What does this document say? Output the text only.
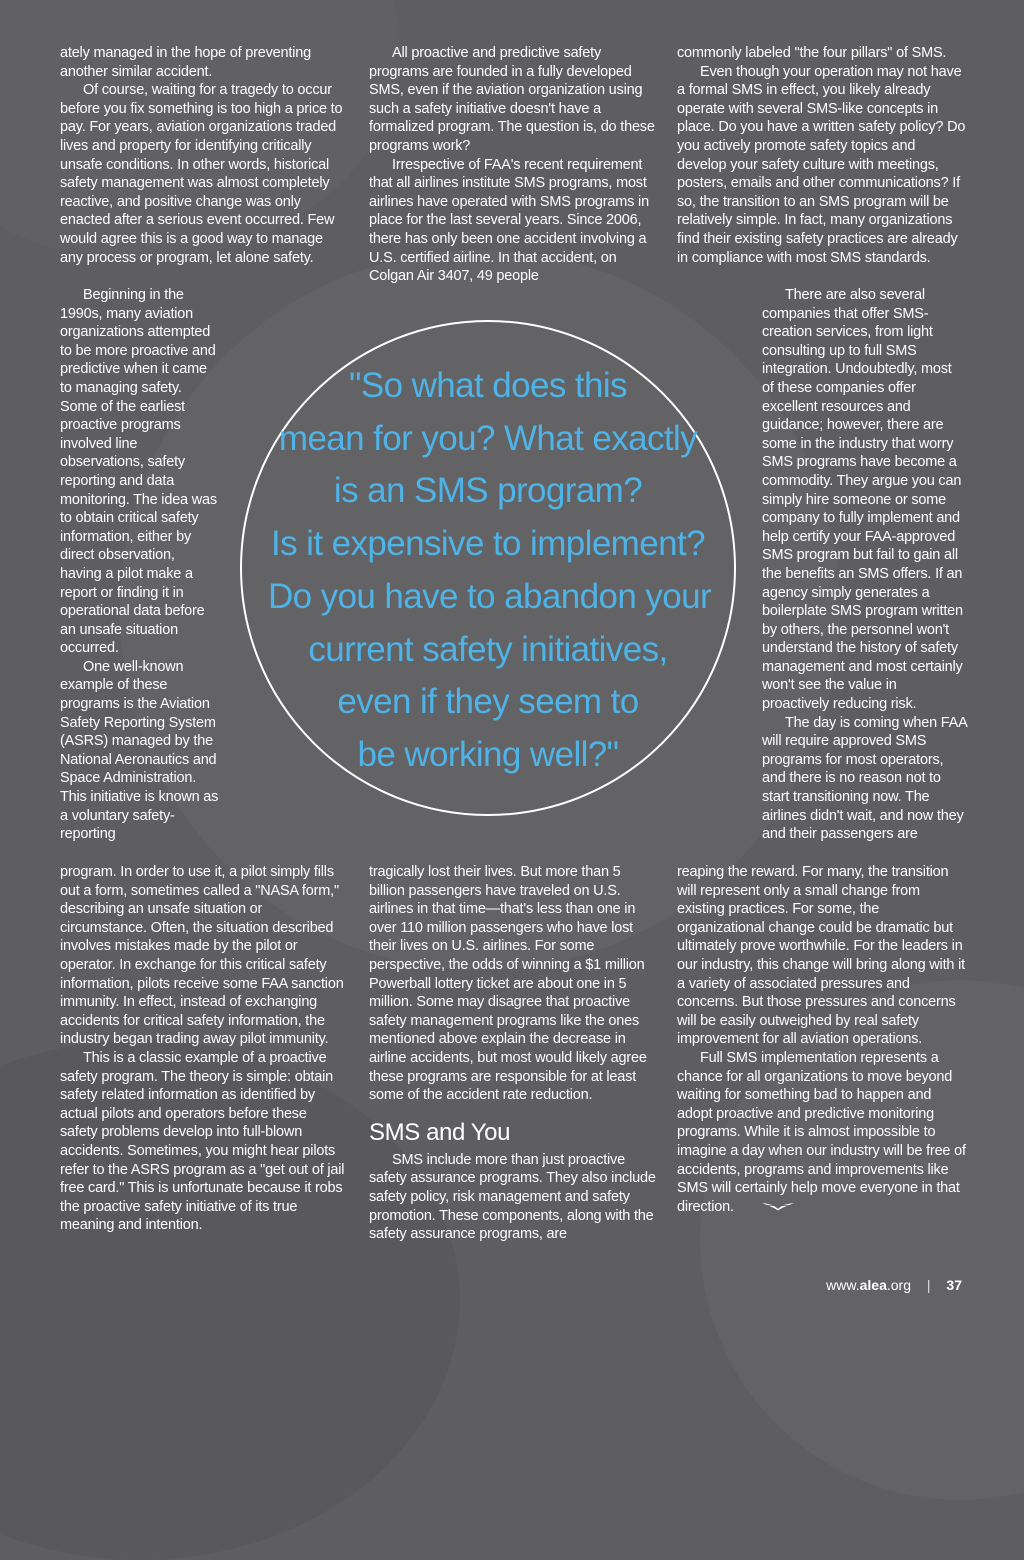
ately managed in the hope of preventing another similar accident.

Of course, waiting for a tragedy to occur before you fix something is too high a price to pay. For years, aviation organizations traded lives and property for identifying critically unsafe conditions. In other words, historical safety management was almost completely reactive, and positive change was only enacted after a serious event occurred. Few would agree this is a good way to manage any process or program, let alone safety.

Beginning in the 1990s, many aviation organizations attempted to be more proactive and predictive when it came to managing safety. Some of the earliest proactive programs involved line observations, safety reporting and data monitoring. The idea was to obtain critical safety information, either by direct observation, having a pilot make a report or finding it in operational data before an unsafe situation occurred.

One well-known example of these programs is the Aviation Safety Reporting System (ASRS) managed by the National Aeronautics and Space Administration. This initiative is known as a voluntary safety-reporting

program. In order to use it, a pilot simply fills out a form, sometimes called a "NASA form," describing an unsafe situation or circumstance. Often, the situation described involves mistakes made by the pilot or operator. In exchange for this critical safety information, pilots receive some FAA sanction immunity. In effect, instead of exchanging accidents for critical safety information, the industry began trading away pilot immunity.

This is a classic example of a proactive safety program. The theory is simple: obtain safety related information as identified by actual pilots and operators before these safety problems develop into full-blown accidents. Sometimes, you might hear pilots refer to the ASRS program as a "get out of jail free card." This is unfortunate because it robs the proactive safety initiative of its true meaning and intention.

All proactive and predictive safety programs are founded in a fully developed SMS, even if the aviation organization using such a safety initiative doesn't have a formalized program. The question is, do these programs work?

Irrespective of FAA's recent requirement that all airlines institute SMS programs, most airlines have operated with SMS programs in place for the last several years. Since 2006, there has only been one accident involving a U.S. certified airline. In that accident, on Colgan Air 3407, 49 people

tragically lost their lives. But more than 5 billion passengers have traveled on U.S. airlines in that time—that's less than one in over 110 million passengers who have lost their lives on U.S. airlines. For some perspective, the odds of winning a $1 million Powerball lottery ticket are about one in 5 million. Some may disagree that proactive safety management programs like the ones mentioned above explain the decrease in airline accidents, but most would likely agree these programs are responsible for at least some of the accident rate reduction.

SMS and You

SMS include more than just proactive safety assurance programs. They also include safety policy, risk management and safety promotion. These components, along with the safety assurance programs, are

commonly labeled "the four pillars" of SMS.

Even though your operation may not have a formal SMS in effect, you likely already operate with several SMS-like concepts in place. Do you have a written safety policy? Do you actively promote safety topics and develop your safety culture with meetings, posters, emails and other communications? If so, the transition to an SMS program will be relatively simple. In fact, many organizations find their existing safety practices are already in compliance with most SMS standards.

There are also several companies that offer SMS-creation services, from light consulting up to full SMS integration. Undoubtedly, most of these companies offer excellent resources and guidance; however, there are some in the industry that worry SMS programs have become a commodity. They argue you can simply hire someone or some company to fully implement and help certify your FAA-approved SMS program but fail to gain all the benefits an SMS offers. If an agency simply generates a boilerplate SMS program written by others, the personnel won't understand the history of safety management and most certainly won't see the value in proactively reducing risk.

The day is coming when FAA will require approved SMS programs for most operators, and there is no reason not to start transitioning now. The airlines didn't wait, and now they and their passengers are

reaping the reward. For many, the transition will represent only a small change from existing practices. For some, the organizational change could be dramatic but ultimately prove worthwhile. For the leaders in our industry, this change will bring along with it a variety of associated pressures and concerns. But those pressures and concerns will be easily outweighed by real safety improvement for all aviation operations.

Full SMS implementation represents a chance for all organizations to move beyond waiting for something bad to happen and adopt proactive and predictive monitoring programs. While it is almost impossible to imagine a day when our industry will be free of accidents, programs and improvements like SMS will certainly help move everyone in that direction.

"So what does this
mean for you? What exactly
is an SMS program?
Is it expensive to implement?
Do you have to abandon your
current safety initiatives,
even if they seem to
be working well?"
www.alea.org | 37
